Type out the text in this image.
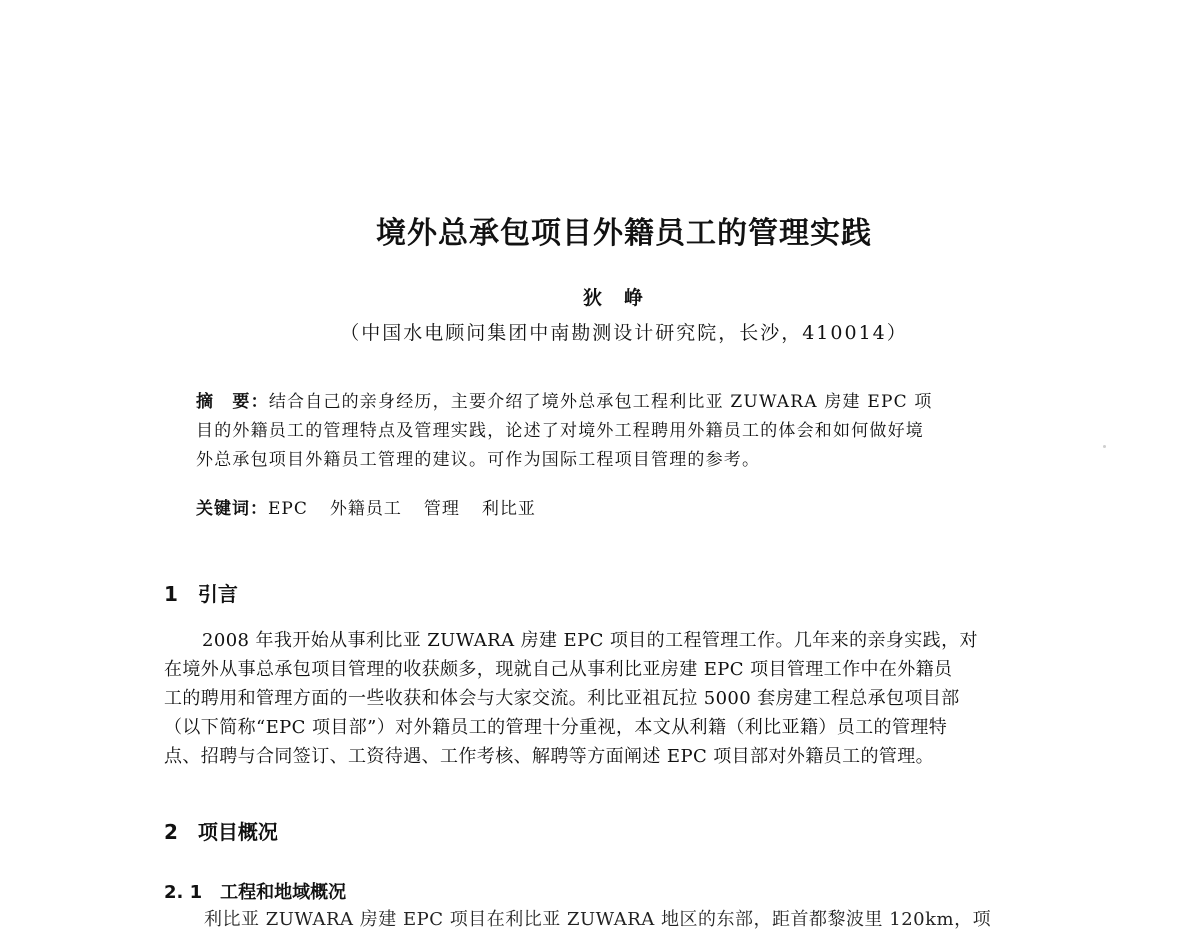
境外总承包项目外籍员工的管理实践
狄峥
（中国水电顾问集团中南勘测设计研究院，长沙，410014）
摘　要：结合自己的亲身经历，主要介绍了境外总承包工程利比亚 ZUWARA 房建 EPC 项
目的外籍员工的管理特点及管理实践，论述了对境外工程聘用外籍员工的体会和如何做好境
外总承包项目外籍员工管理的建议。可作为国际工程项目管理的参考。
关键词：EPC 外籍员工 管理 利比亚
1 引言
2008 年我开始从事利比亚 ZUWARA 房建 EPC 项目的工程管理工作。几年来的亲身实践，对
在境外从事总承包项目管理的收获颇多，现就自己从事利比亚房建 EPC 项目管理工作中在外籍员
工的聘用和管理方面的一些收获和体会与大家交流。利比亚祖瓦拉 5000 套房建工程总承包项目部
（以下简称“EPC 项目部”）对外籍员工的管理十分重视，本文从利籍（利比亚籍）员工的管理特
点、招聘与合同签订、工资待遇、工作考核、解聘等方面阐述 EPC 项目部对外籍员工的管理。
2 项目概况
2. 1 工程和地域概况
利比亚 ZUWARA 房建 EPC 项目在利比亚 ZUWARA 地区的东部，距首都黎波里 120km，项
